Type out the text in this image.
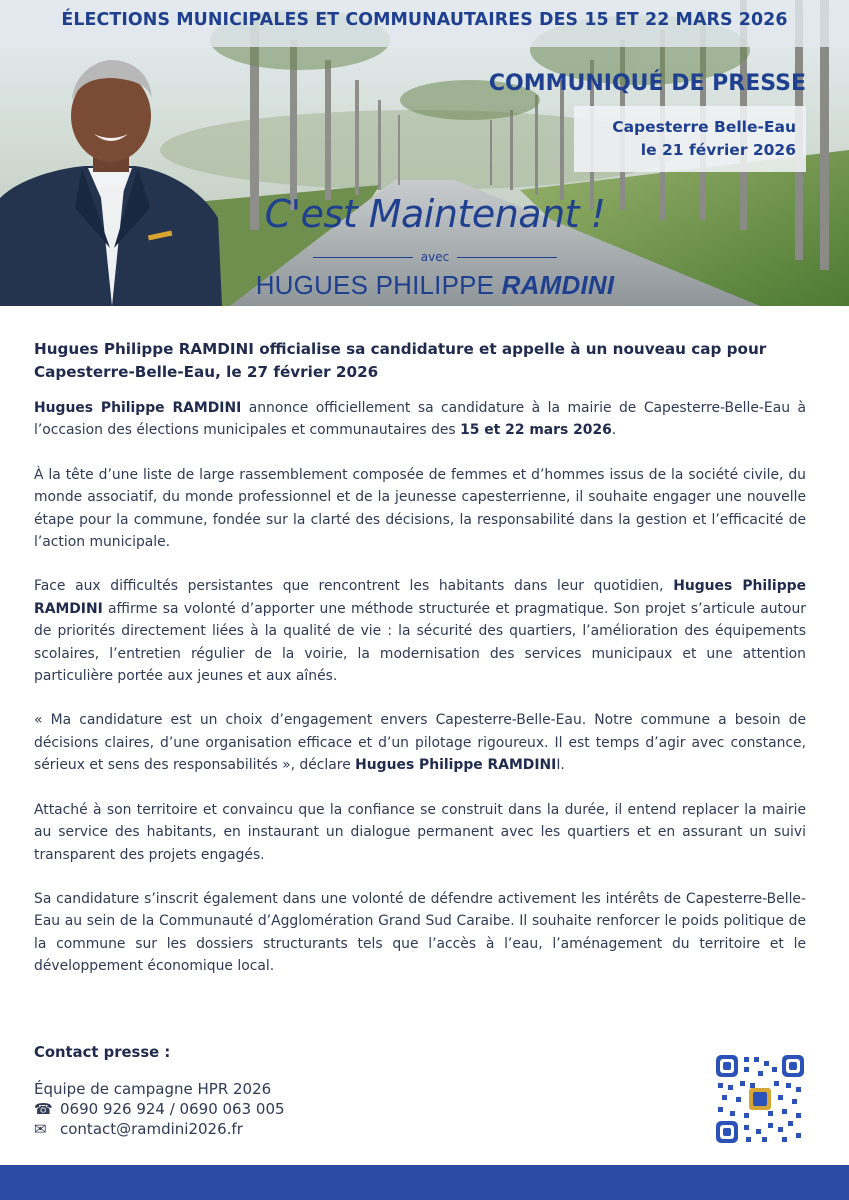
ÉLECTIONS MUNICIPALES ET COMMUNAUTAIRES DES 15 ET 22 MARS 2026
COMMUNIQUÉ DE PRESSE
Capesterre Belle-Eau
le 21 février 2026
C'est Maintenant !
avec
HUGUES PHILIPPE RAMDINI
Hugues Philippe RAMDINI officialise sa candidature et appelle à un nouveau cap pour Capesterre-Belle-Eau, le 27 février 2026

Hugues Philippe RAMDINI annonce officiellement sa candidature à la mairie de Capesterre-Belle-Eau à l’occasion des élections municipales et communautaires des 15 et 22 mars 2026.

À la tête d’une liste de large rassemblement composée de femmes et d’hommes issus de la société civile, du monde associatif, du monde professionnel et de la jeunesse capesterrienne, il souhaite engager une nouvelle étape pour la commune, fondée sur la clarté des décisions, la responsabilité dans la gestion et l’efficacité de l’action municipale.

Face aux difficultés persistantes que rencontrent les habitants dans leur quotidien, Hugues Philippe RAMDINI affirme sa volonté d’apporter une méthode structurée et pragmatique. Son projet s’articule autour de priorités directement liées à la qualité de vie : la sécurité des quartiers, l’amélioration des équipements scolaires, l’entretien régulier de la voirie, la modernisation des services municipaux et une attention particulière portée aux jeunes et aux aînés.

« Ma candidature est un choix d’engagement envers Capesterre-Belle-Eau. Notre commune a besoin de décisions claires, d’une organisation efficace et d’un pilotage rigoureux. Il est temps d’agir avec constance, sérieux et sens des responsabilités », déclare Hugues Philippe RAMDINII.

Attaché à son territoire et convaincu que la confiance se construit dans la durée, il entend replacer la mairie au service des habitants, en instaurant un dialogue permanent avec les quartiers et en assurant un suivi transparent des projets engagés.

Sa candidature s’inscrit également dans une volonté de défendre activement les intérêts de Capesterre-Belle-Eau au sein de la Communauté d’Agglomération Grand Sud Caraibe. Il souhaite renforcer le poids politique de la commune sur les dossiers structurants tels que l’accès à l’eau, l’aménagement du territoire et le développement économique local.

Contact presse :
Équipe de campagne HPR 2026
☎ 0690 926 924 / 0690 063 005
✉ contact@ramdini2026.fr
